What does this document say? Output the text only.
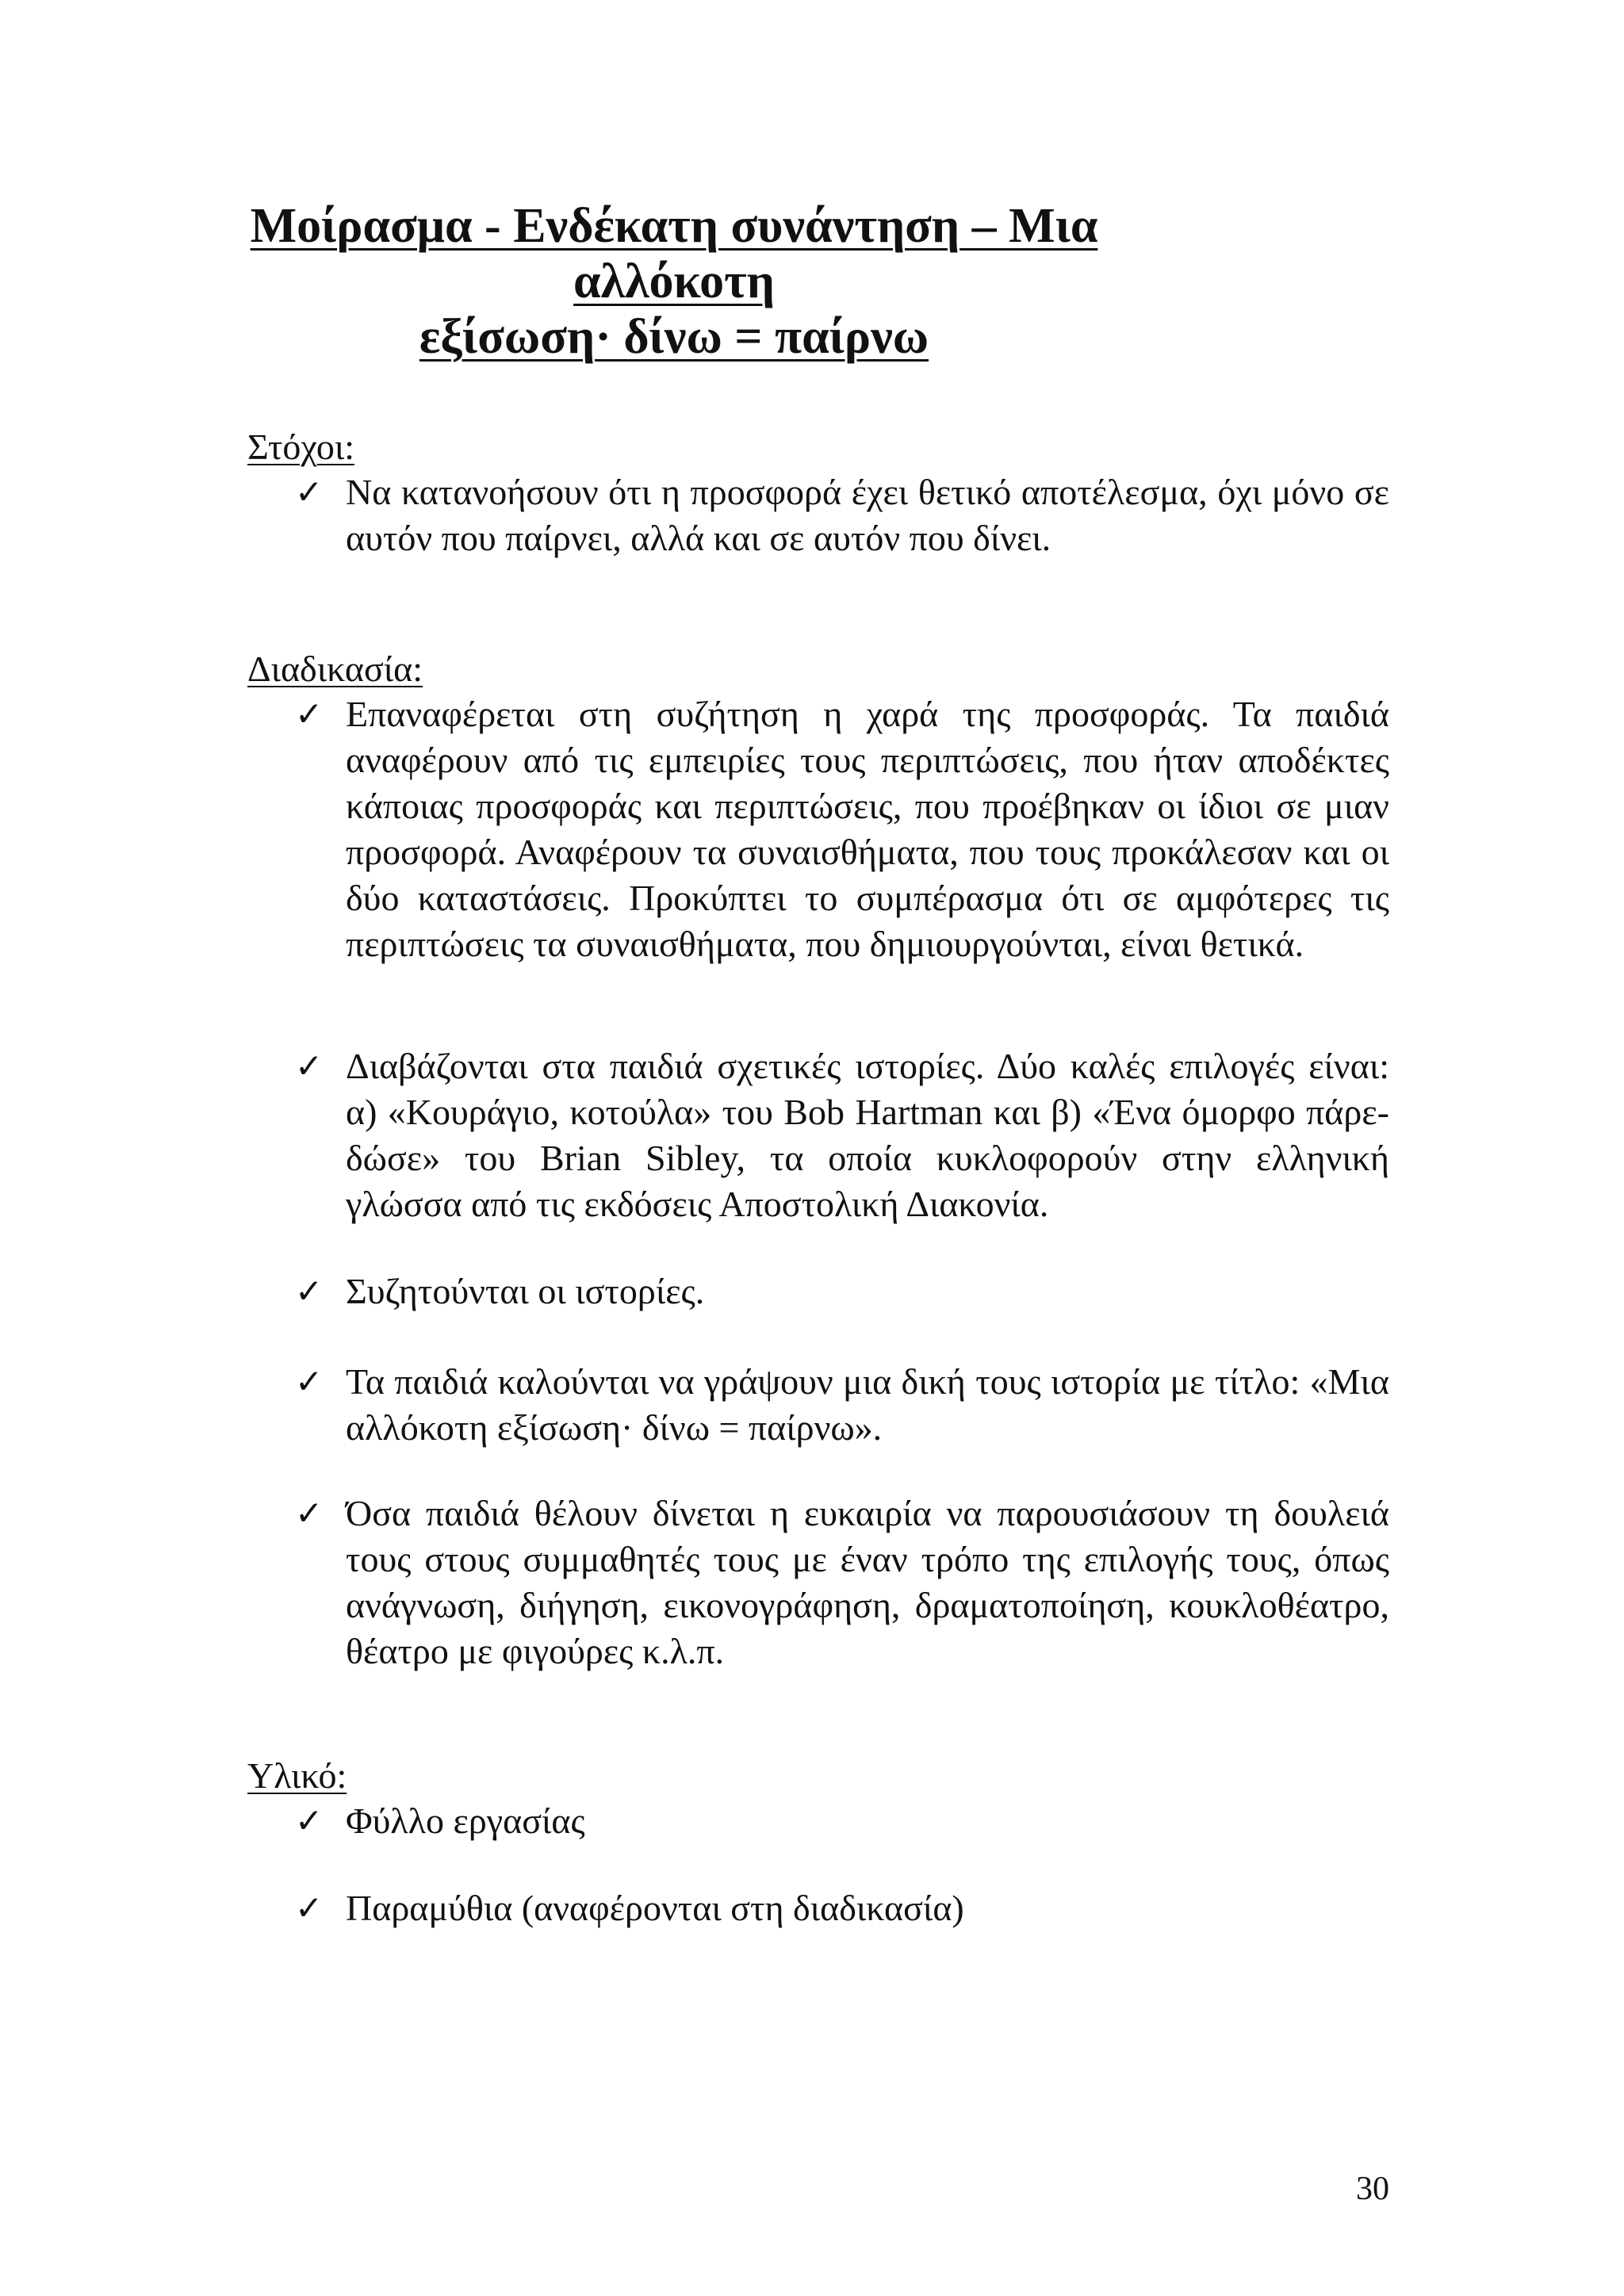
Μοίρασμα - Ενδέκατη συνάντηση – Μια αλλόκοτη
εξίσωση· δίνω = παίρνω

Στόχοι:

✓ Να κατανοήσουν ότι η προσφορά έχει θετικό αποτέλεσμα, όχι μόνο σε αυτόν που παίρνει, αλλά και σε αυτόν που δίνει.

Διαδικασία:

✓ Επαναφέρεται στη συζήτηση η χαρά της προσφοράς. Τα παιδιά αναφέρουν από τις εμπειρίες τους περιπτώσεις, που ήταν αποδέκτες κάποιας προσφοράς και περιπτώσεις, που προέβηκαν οι ίδιοι σε μιαν προσφορά. Αναφέρουν τα συναισθήματα, που τους προκάλεσαν και οι δύο καταστάσεις. Προκύπτει το συμπέρασμα ότι σε αμφότερες τις περιπτώσεις τα συναισθήματα, που δημιουργούνται, είναι θετικά.
✓ Διαβάζονται στα παιδιά σχετικές ιστορίες. Δύο καλές επιλογές είναι: α) «Κουράγιο, κοτούλα» του Bob Hartman και β) «Ένα όμορφο πάρε-δώσε» του Brian Sibley, τα οποία κυκλοφορούν στην ελληνική γλώσσα από τις εκδόσεις Αποστολική Διακονία.
✓ Συζητούνται οι ιστορίες.
✓ Τα παιδιά καλούνται να γράψουν μια δική τους ιστορία με τίτλο: «Μια αλλόκοτη εξίσωση· δίνω = παίρνω».
✓ Όσα παιδιά θέλουν δίνεται η ευκαιρία να παρουσιάσουν τη δουλειά τους στους συμμαθητές τους με έναν τρόπο της επιλογής τους, όπως ανάγνωση, διήγηση, εικονογράφηση, δραματοποίηση, κουκλοθέατρο, θέατρο με φιγούρες κ.λ.π.

Υλικό:

✓ Φύλλο εργασίας
✓ Παραμύθια (αναφέρονται στη διαδικασία)
30
